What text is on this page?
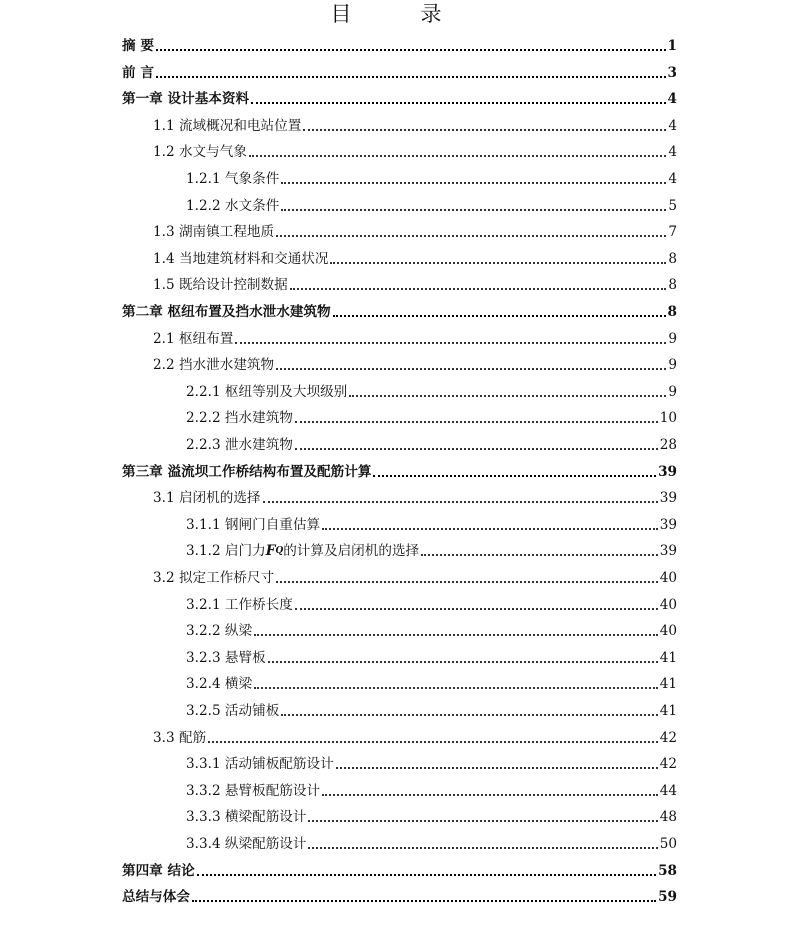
目　录
摘 要	1
前 言	3
第一章 设计基本资料	4
1.1 流域概况和电站位置	4
1.2 水文与气象	4
1.2.1 气象条件	4
1.2.2 水文条件	5
1.3 湖南镇工程地质	7
1.4 当地建筑材料和交通状况	8
1.5 既给设计控制数据	8
第二章 枢纽布置及挡水泄水建筑物	8
2.1 枢纽布置	9
2.2 挡水泄水建筑物	9
2.2.1 枢纽等别及大坝级别	9
2.2.2 挡水建筑物	10
2.2.3 泄水建筑物	28
第三章 溢流坝工作桥结构布置及配筋计算	39
3.1 启闭机的选择	39
3.1.1 钢闸门自重估算	39
3.1.2 启门力 F Q 的计算及启闭机的选择	39
3.2 拟定工作桥尺寸	40
3.2.1 工作桥长度	40
3.2.2 纵梁	40
3.2.3 悬臂板	41
3.2.4 横梁	41
3.2.5 活动铺板	41
3.3 配筋	42
3.3.1 活动铺板配筋设计	42
3.3.2 悬臂板配筋设计	44
3.3.3 横梁配筋设计	48
3.3.4 纵梁配筋设计	50
第四章 结论	58
总结与体会	59
